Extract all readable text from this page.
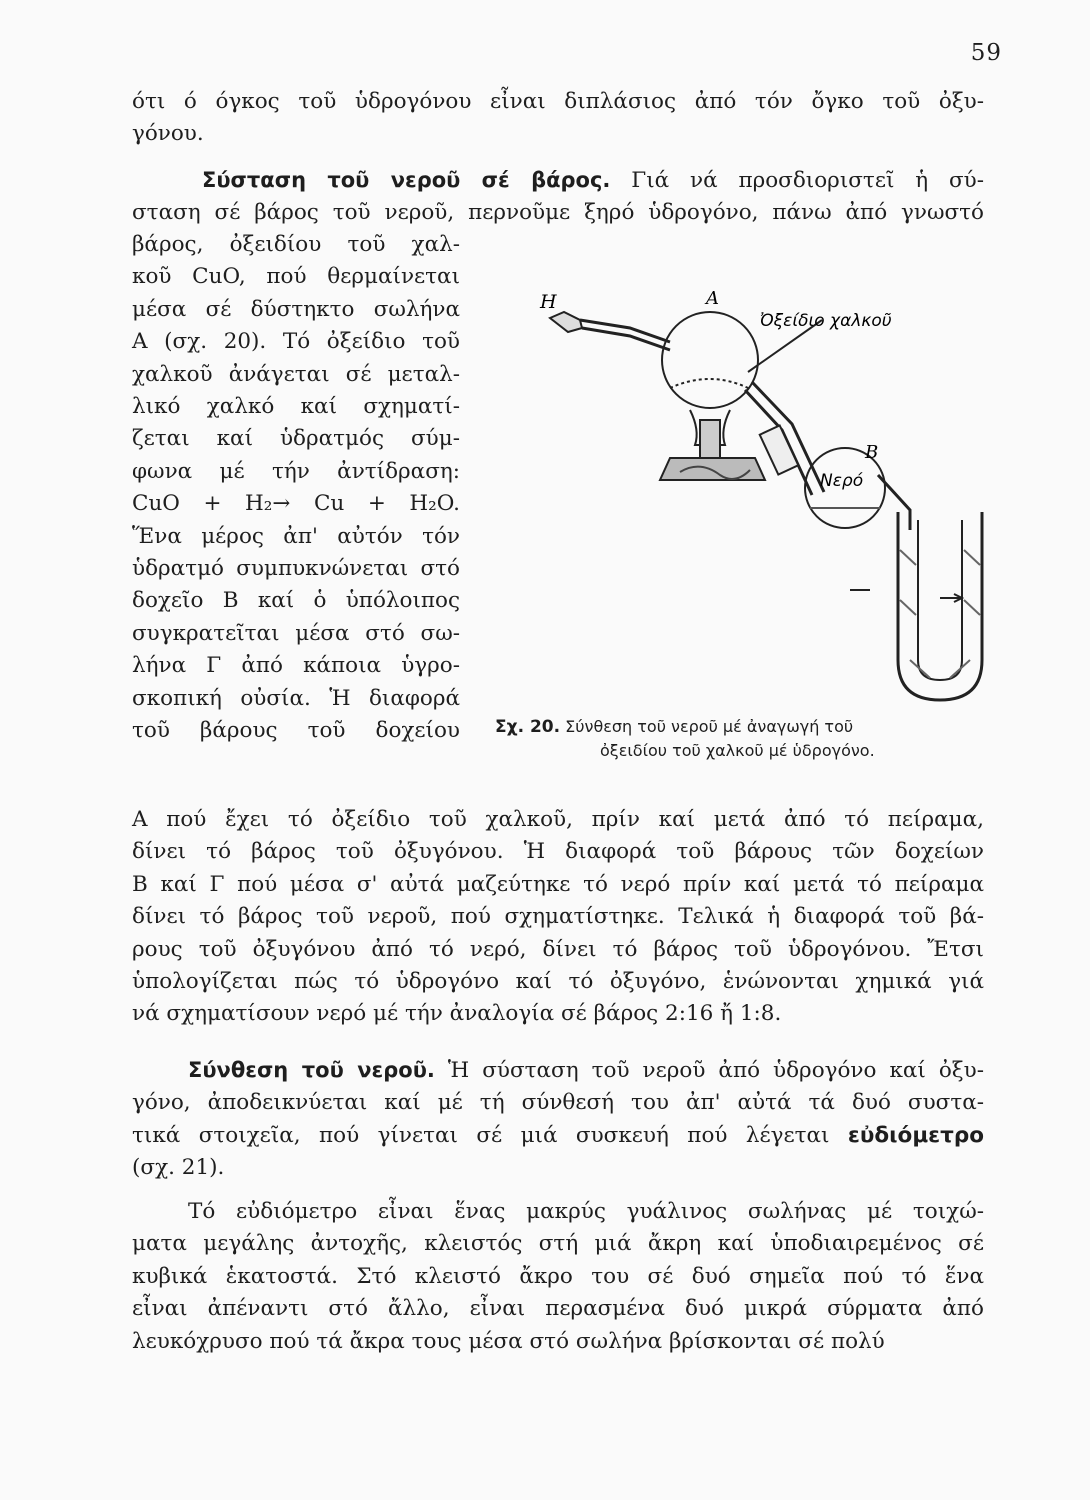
59
ότι ό όγκος τοῦ ὑδρογόνου εἶναι διπλάσιος ἀπό τόν ὄγκο τοῦ ὀξυ-
γόνου.
Σύσταση τοῦ νεροῦ σέ βάρος. Γιά νά προσδιοριστεῖ ἡ σύ-
σταση σέ βάρος τοῦ νεροῦ, περνοῦμε ξηρό ὑδρογόνο, πάνω ἀπό γνωστό
βάρος, ὀξειδίου τοῦ χαλ-
κοῦ CuO, πού θερμαίνεται
μέσα σέ δύστηκτο σωλήνα
Α (σχ. 20). Τό ὀξείδιο τοῦ
χαλκοῦ ἀνάγεται σέ μεταλ-
λικό χαλκό καί σχηματί-
ζεται καί ὑδρατμός σύμ-
φωνα μέ τήν ἀντίδραση:
CuO + H₂→ Cu + H₂O.
Ἕνα μέρος ἀπ' αὐτόν τόν
ὑδρατμό συμπυκνώνεται στό
δοχεῖο Β καί ὁ ὑπόλοιπος
συγκρατεῖται μέσα στό σω-
λήνα Γ ἀπό κάποια ὑγρο-
σκοπική οὐσία. Ἡ διαφορά
τοῦ βάρους τοῦ δοχείου
Α πού ἔχει τό ὀξείδιο τοῦ χαλκοῦ, πρίν καί μετά ἀπό τό πείραμα,
δίνει τό βάρος τοῦ ὀξυγόνου. Ἡ διαφορά τοῦ βάρους τῶν δοχείων
Β καί Γ πού μέσα σ' αὐτά μαζεύτηκε τό νερό πρίν καί μετά τό πείραμα
δίνει τό βάρος τοῦ νεροῦ, πού σχηματίστηκε. Τελικά ἡ διαφορά τοῦ βά-
ρους τοῦ ὀξυγόνου ἀπό τό νερό, δίνει τό βάρος τοῦ ὑδρογόνου. Ἔτσι
ὑπολογίζεται πώς τό ὑδρογόνο καί τό ὀξυγόνο, ἑνώνονται χημικά γιά
νά σχηματίσουν νερό μέ τήν ἀναλογία σέ βάρος 2:16 ἤ 1:8.
Σύνθεση τοῦ νεροῦ. Ἡ σύσταση τοῦ νεροῦ ἀπό ὑδρογόνο καί ὀξυ-
γόνο, ἀποδεικνύεται καί μέ τή σύνθεσή του ἀπ' αὐτά τά δυό συστα-
τικά στοιχεῖα, πού γίνεται σέ μιά συσκευή πού λέγεται εὐδιόμετρο
(σχ. 21).
Τό εὐδιόμετρο εἶναι ἕνας μακρύς γυάλινος σωλήνας μέ τοιχώ-
ματα μεγάλης ἀντοχῆς, κλειστός στή μιά ἄκρη καί ὑποδιαιρεμένος σέ
κυβικά ἑκατοστά. Στό κλειστό ἄκρο του σέ δυό σημεῖα πού τό ἕνα
εἶναι ἀπέναντι στό ἄλλο, εἶναι περασμένα δυό μικρά σύρματα ἀπό
λευκόχρυσο πού τά ἄκρα τους μέσα στό σωλήνα βρίσκονται σέ πολύ
H	A
Ὀξείδιο χαλκοῦ
B
Νερό
Σχ. 20. Σύνθεση τοῦ νεροῦ μέ ἀναγωγή τοῦ
ὀξειδίου τοῦ χαλκοῦ μέ ὑδρογόνο.
